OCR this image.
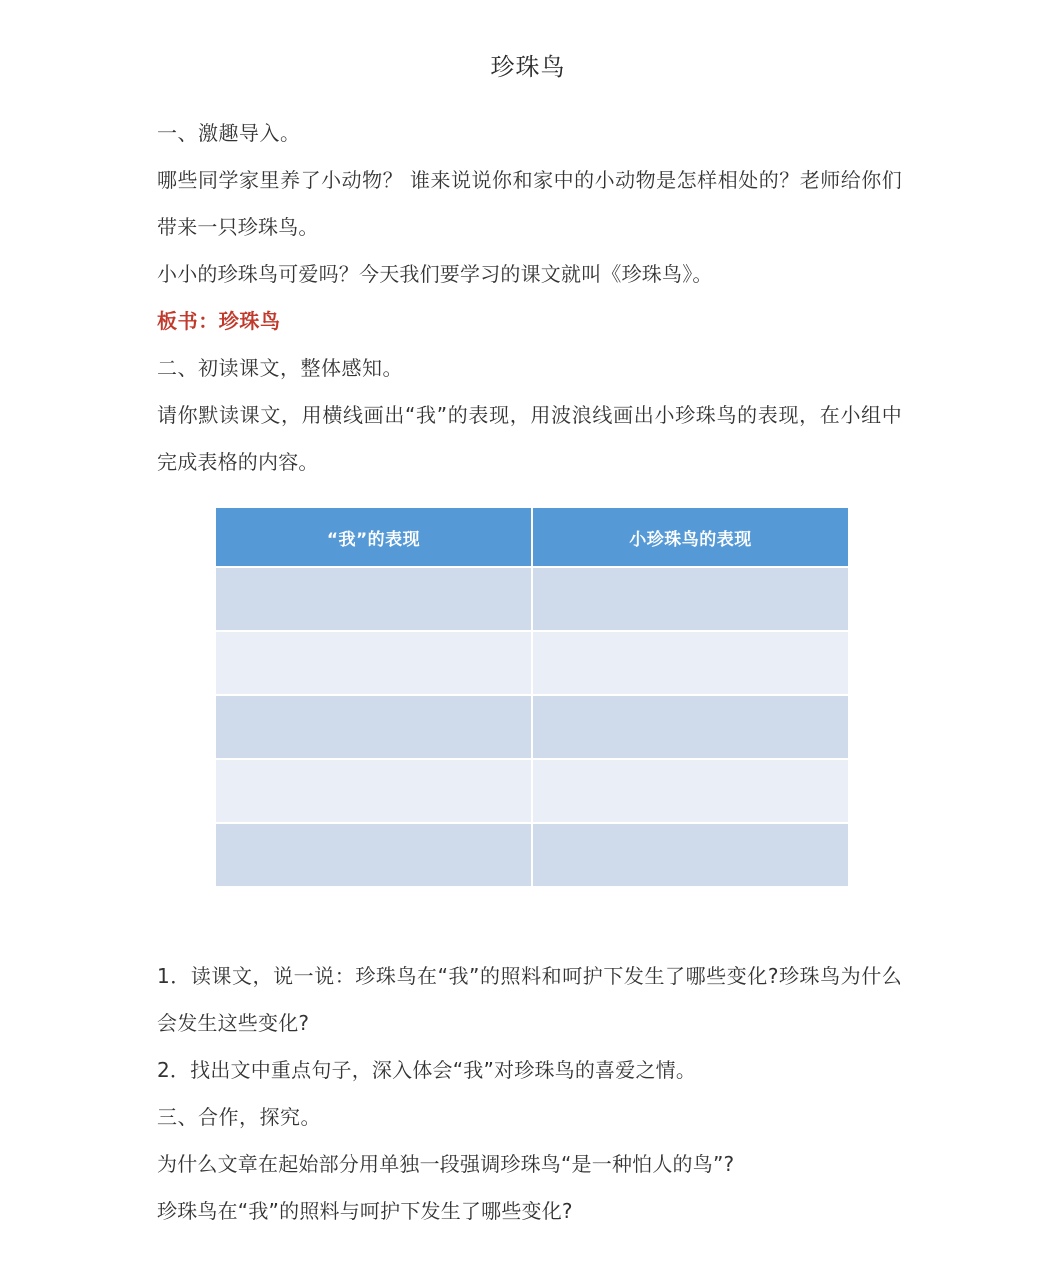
珍珠鸟

一、激趣导入。

哪些同学家里养了小动物？ 谁来说说你和家中的小动物是怎样相处的？老师给你们带来一只珍珠鸟。

小小的珍珠鸟可爱吗？今天我们要学习的课文就叫《珍珠鸟》。

板书：珍珠鸟

二、初读课文，整体感知。

请你默读课文，用横线画出“我”的表现，用波浪线画出小珍珠鸟的表现，在小组中完成表格的内容。

“我”的表现	小珍珠鸟的表现

1．读课文，说一说：珍珠鸟在“我”的照料和呵护下发生了哪些变化?珍珠鸟为什么会发生这些变化?

2．找出文中重点句子，深入体会“我”对珍珠鸟的喜爱之情。

三、合作，探究。

为什么文章在起始部分用单独一段强调珍珠鸟“是一种怕人的鸟”?

珍珠鸟在“我”的照料与呵护下发生了哪些变化?
